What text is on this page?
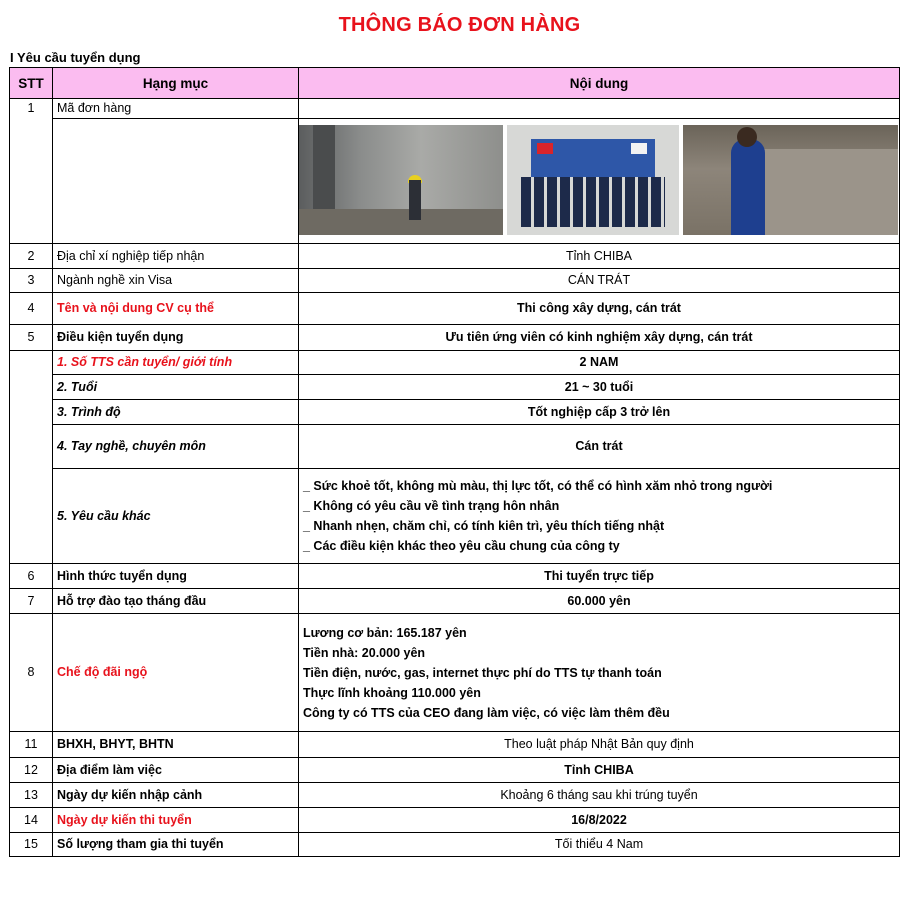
THÔNG BÁO ĐƠN HÀNG
I Yêu cầu tuyển dụng
STT	Hạng mục	Nội dung
1	Mã đơn hàng	

2	Địa chỉ xí nghiệp tiếp nhận	Tỉnh CHIBA
3	Ngành nghề xin Visa	CÁN TRÁT
4	Tên và nội dung CV cụ thể	Thi công xây dựng, cán trát
5	Điều kiện tuyển dụng	Ưu tiên ứng viên có kinh nghiệm xây dựng, cán trát
	1. Số TTS cần tuyển/ giới tính	2 NAM
	2. Tuổi	21 ~ 30 tuổi
	3. Trình độ	Tốt nghiệp cấp 3 trở lên
	4. Tay nghề, chuyên môn	Cán trát
	5. Yêu cầu khác	_ Sức khoẻ tốt, không mù màu, thị lực tốt, có thể có hình xăm nhỏ trong người
_ Không có yêu cầu về tình trạng hôn nhân
_ Nhanh nhẹn, chăm chỉ, có tính kiên trì, yêu thích tiếng nhật
_ Các điều kiện khác theo yêu cầu chung của công ty

6	Hình thức tuyển dụng	Thi tuyển trực tiếp
7	Hỗ trợ đào tạo tháng đầu	60.000 yên
8	Chế độ đãi ngộ	Lương cơ bản: 165.187 yên
Tiền nhà: 20.000 yên
Tiền điện, nước, gas, internet thực phí do TTS tự thanh toán
Thực lĩnh khoảng 110.000 yên
Công ty có TTS của CEO đang làm việc, có việc làm thêm đều

11	BHXH, BHYT, BHTN	Theo luật pháp Nhật Bản quy định
12	Địa điểm làm việc	Tỉnh CHIBA
13	Ngày dự kiến nhập cảnh	Khoảng 6 tháng sau khi trúng tuyển
14	Ngày dự kiến thi tuyển	16/8/2022
15	Số lượng tham gia thi tuyển	Tối thiểu 4 Nam
